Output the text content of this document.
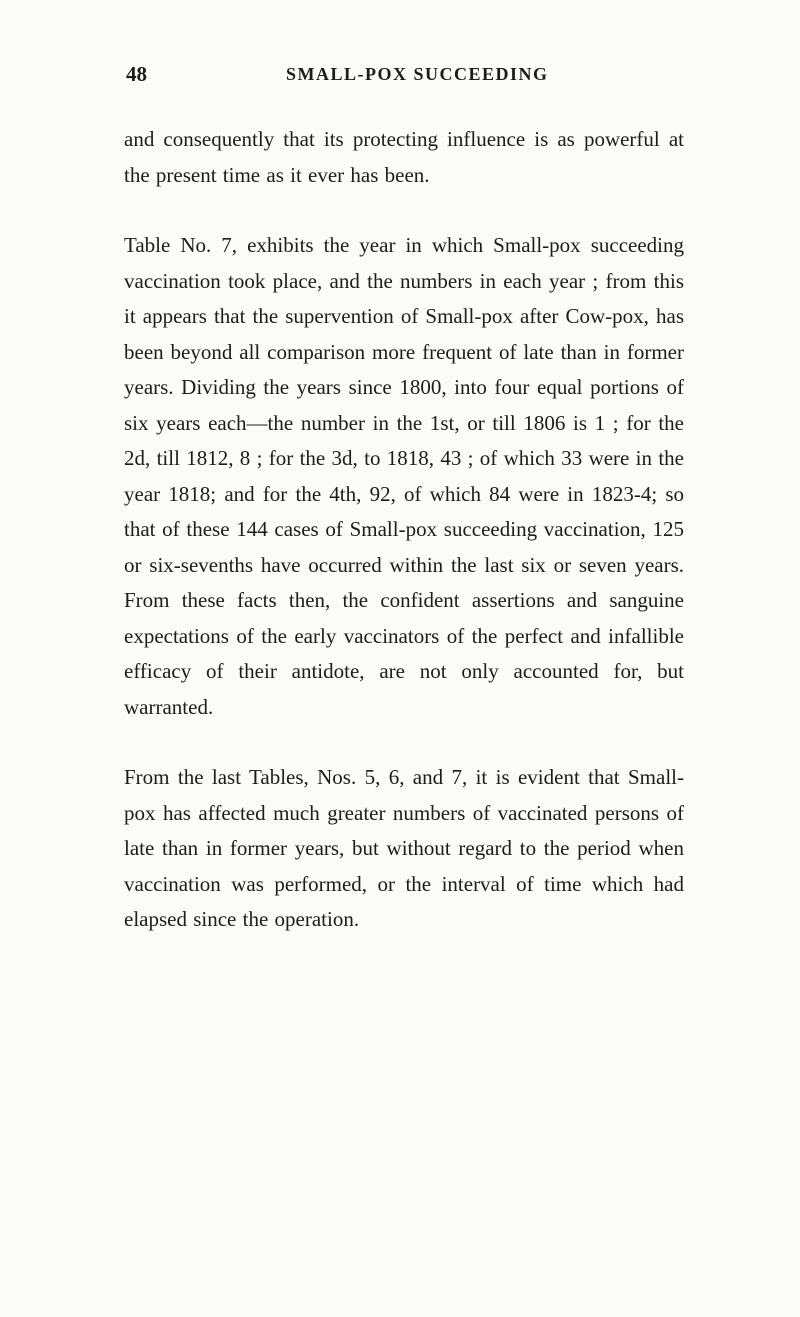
48	SMALL-POX SUCCEEDING

and consequently that its protecting influence is as powerful at the present time as it ever has been.

Table No. 7, exhibits the year in which Small-pox succeeding vaccination took place, and the numbers in each year ; from this it appears that the supervention of Small-pox after Cow-pox, has been beyond all comparison more frequent of late than in former years. Dividing the years since 1800, into four equal portions of six years each—the number in the 1st, or till 1806 is 1 ; for the 2d, till 1812, 8 ; for the 3d, to 1818, 43 ; of which 33 were in the year 1818; and for the 4th, 92, of which 84 were in 1823-4; so that of these 144 cases of Small-pox succeeding vaccination, 125 or six-sevenths have occurred within the last six or seven years. From these facts then, the confident assertions and sanguine expectations of the early vaccinators of the perfect and infallible efficacy of their antidote, are not only accounted for, but warranted.

From the last Tables, Nos. 5, 6, and 7, it is evident that Small-pox has affected much greater numbers of vaccinated persons of late than in former years, but without regard to the period when vaccination was performed, or the interval of time which had elapsed since the operation.
